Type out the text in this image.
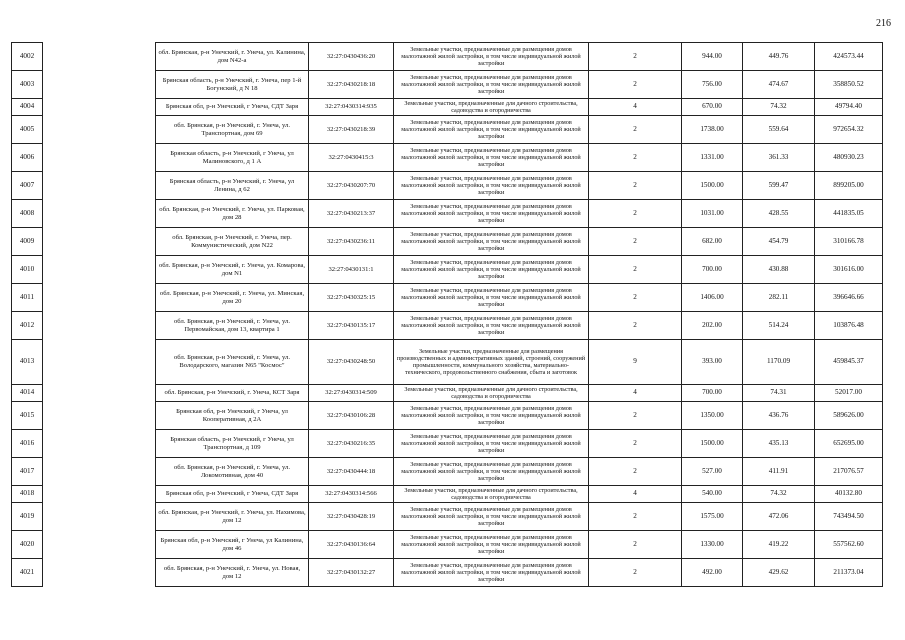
216
4002		обл. Брянская, р-н Унечский, г. Унеча, ул. Калинина, дом N42-а	32:27:0430436:20	Земельные участки, предназначенные для размещения домов малоэтажной жилой застройки, в том числе индивидуальной жилой застройки	2	944.00	449.76	424573.44
4003		Брянская область, р-н Унечский, г. Унеча, пер 1-й Богунский, д N 18	32:27:0430218:18	Земельные участки, предназначенные для размещения домов малоэтажной жилой застройки, в том числе индивидуальной жилой застройки	2	756.00	474.67	358850.52
4004		Брянская обл, р-н Унечский, г Унеча, СДТ Заря	32:27:0430314:935	Земельные участки, предназначенные для дачного строительства, садоводства и огородничества	4	670.00	74.32	49794.40
4005		обл. Брянская, р-н Унечский, г. Унеча, ул. Транспортная, дом 69	32:27:0430218:39	Земельные участки, предназначенные для размещения домов малоэтажной жилой застройки, в том числе индивидуальной жилой застройки	2	1738.00	559.64	972654.32
4006		Брянская область, р-н Унечский, г Унеча, ул Малиновского, д 1 А	32:27:0430415:3	Земельные участки, предназначенные для размещения домов малоэтажной жилой застройки, в том числе индивидуальной жилой застройки	2	1331.00	361.33	480930.23
4007		Брянская область, р-н Унечский, г. Унеча, ул Ленина, д 62	32:27:0430207:70	Земельные участки, предназначенные для размещения домов малоэтажной жилой застройки, в том числе индивидуальной жилой застройки	2	1500.00	599.47	899205.00
4008		обл. Брянская, р-н Унечский, г. Унеча, ул. Парковая, дом 28	32:27:0430213:37	Земельные участки, предназначенные для размещения домов малоэтажной жилой застройки, в том числе индивидуальной жилой застройки	2	1031.00	428.55	441835.05
4009		обл. Брянская, р-н Унечский, г. Унеча, пер. Коммунистический, дом N22	32:27:0430236:11	Земельные участки, предназначенные для размещения домов малоэтажной жилой застройки, в том числе индивидуальной жилой застройки	2	682.00	454.79	310166.78
4010		обл. Брянская, р-н Унечский, г. Унеча, ул. Комарова, дом N1	32:27:0430131:1	Земельные участки, предназначенные для размещения домов малоэтажной жилой застройки, в том числе индивидуальной жилой застройки	2	700.00	430.88	301616.00
4011		обл. Брянская, р-н Унечский, г. Унеча, ул. Минская, дом 20	32:27:0430325:15	Земельные участки, предназначенные для размещения домов малоэтажной жилой застройки, в том числе индивидуальной жилой застройки	2	1406.00	282.11	396646.66
4012		обл. Брянская, р-н Унечский, г. Унеча, ул. Первомайская, дом 13, квартира 1	32:27:0430135:17	Земельные участки, предназначенные для размещения домов малоэтажной жилой застройки, в том числе индивидуальной жилой застройки	2	202.00	514.24	103876.48
4013		обл. Брянская, р-н Унечский, г. Унеча, ул. Володарского, магазин N65 "Космос"	32:27:0430248:50	Земельные участки, предназначенные для размещения производственных и административных зданий, строений, сооружений промышленности, коммунального хозяйства, материально-технического, продовольственного снабжения, сбыта и заготовок	9	393.00	1170.09	459845.37
4014		обл. Брянская, р-н Унечский, г. Унеча, КСТ Заря	32:27:0430314:509	Земельные участки, предназначенные для дачного строительства, садоводства и огородничества	4	700.00	74.31	52017.00
4015		Брянская обл, р-н Унечский, г Унеча, ул Кооперативная, д 2А	32:27:0430106:28	Земельные участки, предназначенные для размещения домов малоэтажной жилой застройки, в том числе индивидуальной жилой застройки	2	1350.00	436.76	589626.00
4016		Брянская область, р-н Унечский, г Унеча, ул Транспортная, д 109	32:27:0430216:35	Земельные участки, предназначенные для размещения домов малоэтажной жилой застройки, в том числе индивидуальной жилой застройки	2	1500.00	435.13	652695.00
4017		обл. Брянская, р-н Унечский, г. Унеча, ул. Локомотивная, дом 40	32:27:0430444:18	Земельные участки, предназначенные для размещения домов малоэтажной жилой застройки, в том числе индивидуальной жилой застройки	2	527.00	411.91	217076.57
4018		Брянская обл, р-н Унечский, г Унеча, СДТ Заря	32:27:0430314:566	Земельные участки, предназначенные для дачного строительства, садоводства и огородничества	4	540.00	74.32	40132.80
4019		обл. Брянская, р-н Унечский, г. Унеча, ул. Нахимова, дом 12	32:27:0430428:19	Земельные участки, предназначенные для размещения домов малоэтажной жилой застройки, в том числе индивидуальной жилой застройки	2	1575.00	472.06	743494.50
4020		Брянская обл, р-н Унечский, г Унеча, ул Калинина, дом 46	32:27:0430136:64	Земельные участки, предназначенные для размещения домов малоэтажной жилой застройки, в том числе индивидуальной жилой застройки	2	1330.00	419.22	557562.60
4021		обл. Брянская, р-н Унечский, г. Унеча, ул. Новая, дом 12	32:27:0430132:27	Земельные участки, предназначенные для размещения домов малоэтажной жилой застройки, в том числе индивидуальной жилой застройки	2	492.00	429.62	211373.04
